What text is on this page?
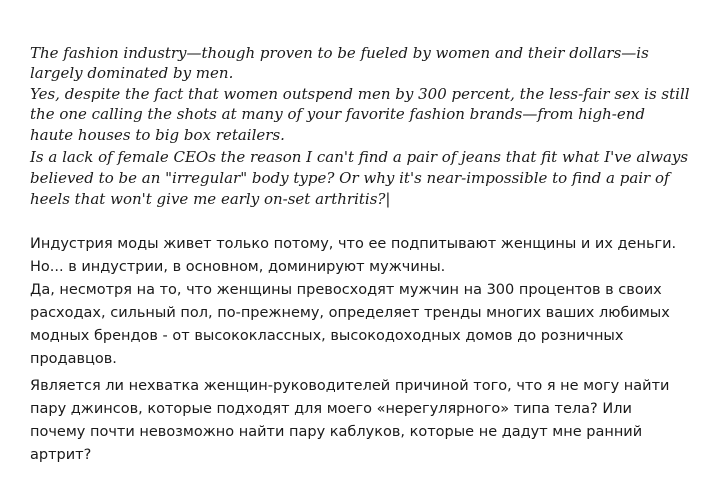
The fashion industry—though proven to be fueled by women and their dollars—is
largely dominated by men.
Yes, despite the fact that women outspend men by 300 percent, the less-fair sex is still
the one calling the shots at many of your favorite fashion brands—from high-end
haute houses to big box retailers.
Is a lack of female CEOs the reason I can't find a pair of jeans that fit what I've always
believed to be an "irregular" body type? Or why it's near-impossible to find a pair of
heels that won't give me early on-set arthritis?|
Индустрия моды живет только потому, что ее подпитывают женщины и их деньги.
Но... в индустрии, в основном, доминируют мужчины.
Да, несмотря на то, что женщины превосходят мужчин на 300 процентов в своих
расходах, сильный пол, по-прежнему, определяет тренды многих ваших любимых
модных брендов - от высококлассных, высокодоходных домов до розничных
продавцов.
Является ли нехватка женщин-руководителей причиной того, что я не могу найти
пару джинсов, которые подходят для моего «нерегулярного» типа тела? Или
почему почти невозможно найти пару каблуков, которые не дадут мне ранний
артрит?
